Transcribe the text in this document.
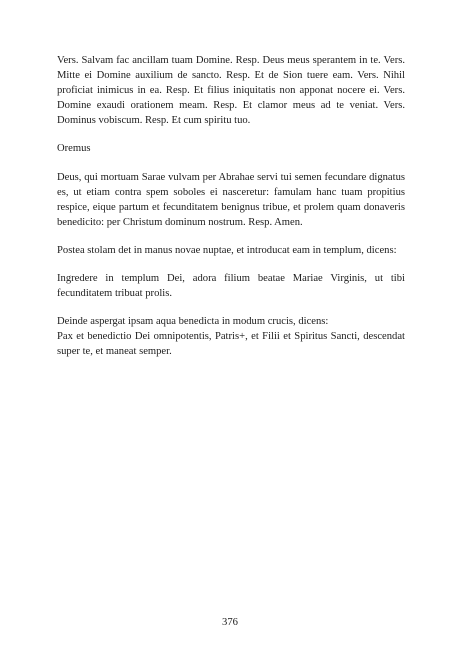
Vers. Salvam fac ancillam tuam Domine. Resp. Deus meus sperantem in te. Vers. Mitte ei Domine auxilium de sancto. Resp. Et de Sion tuere eam. Vers. Nihil proficiat inimicus in ea. Resp. Et filius iniquitatis non apponat nocere ei. Vers. Domine exaudi orationem meam. Resp. Et clamor meus ad te veniat. Vers. Dominus vobiscum. Resp. Et cum spiritu tuo.

Oremus

Deus, qui mortuam Sarae vulvam per Abrahae servi tui semen fecundare dignatus es, ut etiam contra spem soboles ei nasceretur: famulam hanc tuam propitius respice, eique partum et fecunditatem benignus tribue, et prolem quam donaveris benedicito: per Christum dominum nostrum. Resp. Amen.

Postea stolam det in manus novae nuptae, et introducat eam in templum, dicens:

Ingredere in templum Dei, adora filium beatae Mariae Virginis, ut tibi fecunditatem tribuat prolis.

Deinde aspergat ipsam aqua benedicta in modum crucis, dicens:

Pax et benedictio Dei omnipotentis, Patris+, et Filii et Spiritus Sancti, descendat super te, et maneat semper.

376
